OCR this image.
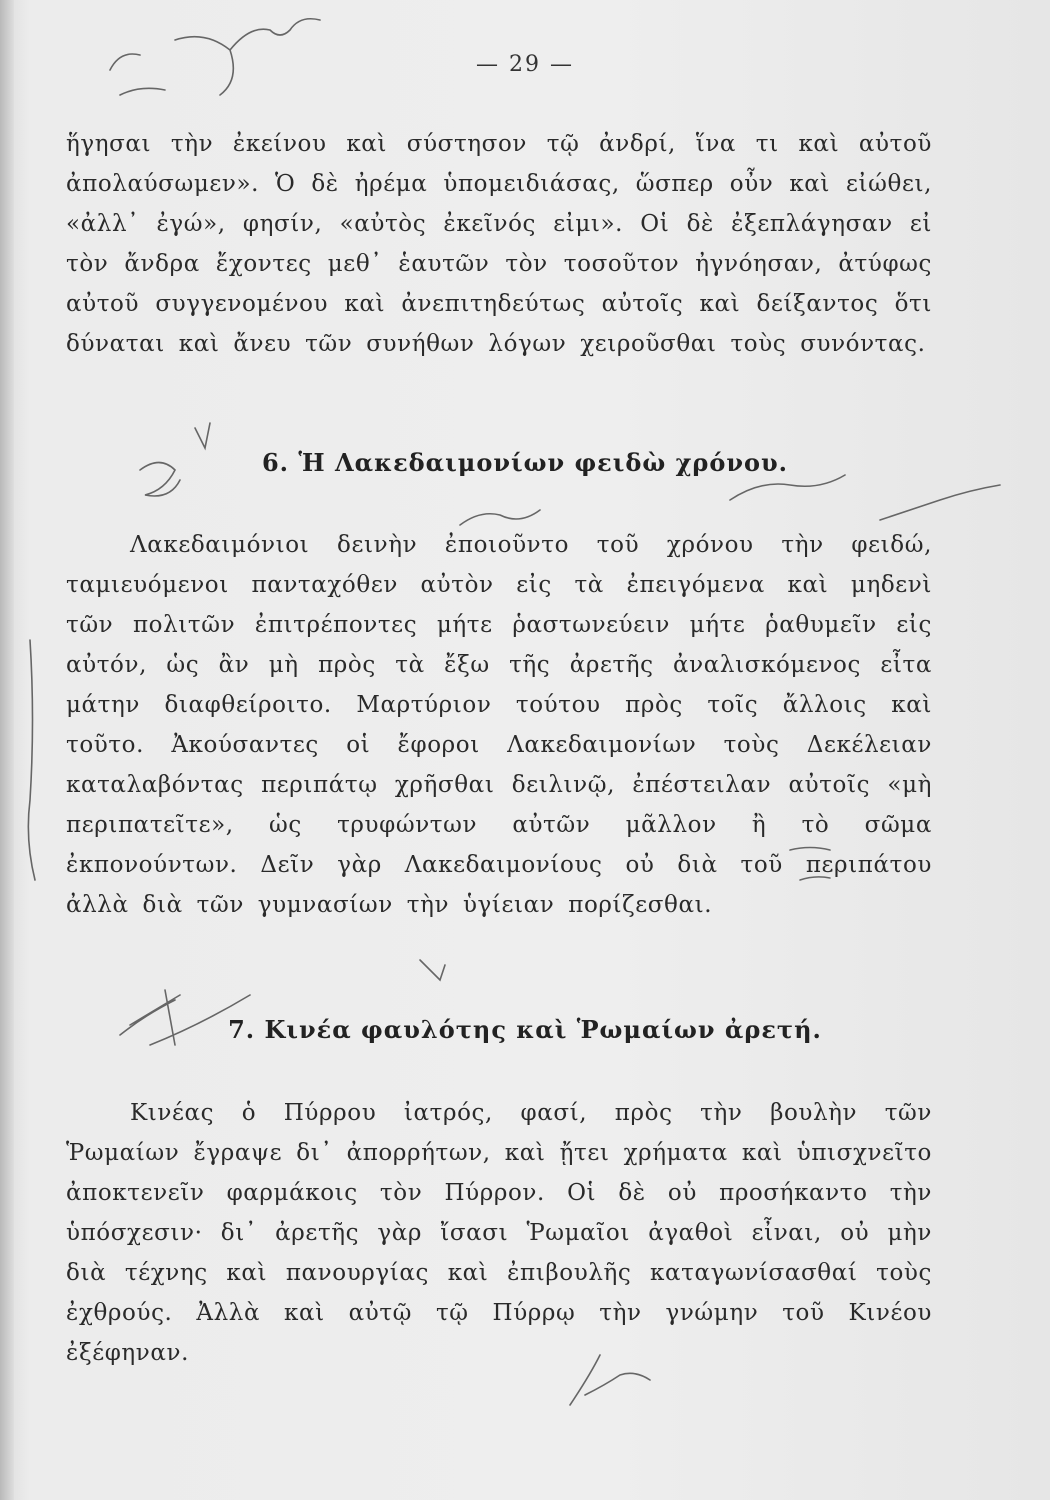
— 29 —

ἥγησαι τὴν ἐκείνου καὶ σύστησον τῷ ἀνδρί, ἵνα τι καὶ αὐτοῦ ἀπολαύσωμεν». Ὁ δὲ ἠρέμα ὑπομειδιάσας, ὥσπερ οὖν καὶ εἰώθει, «ἀλλ᾽ ἐγώ», φησίν, «αὐτὸς ἐκεῖνός εἰμι». Οἱ δὲ ἐξεπλάγησαν εἰ τὸν ἄνδρα ἔχοντες μεθ᾽ ἑαυτῶν τὸν τοσοῦτον ἠγνόησαν, ἀτύφως αὐτοῦ συγγενομένου καὶ ἀνεπιτηδεύτως αὐτοῖς καὶ δείξαντος ὅτι δύναται καὶ ἄνευ τῶν συνήθων λόγων χειροῦσθαι τοὺς συνόντας.

6. Ἡ Λακεδαιμονίων φειδὼ χρόνου.

Λακεδαιμόνιοι δεινὴν ἐποιοῦντο τοῦ χρόνου τὴν φειδώ, ταμιευόμενοι πανταχόθεν αὐτὸν εἰς τὰ ἐπειγόμενα καὶ μηδενὶ τῶν πολιτῶν ἐπιτρέποντες μήτε ῥαστωνεύειν μήτε ῥαθυμεῖν εἰς αὐτόν, ὡς ἂν μὴ πρὸς τὰ ἔξω τῆς ἀρετῆς ἀναλισκόμενος εἶτα μάτην διαφθείροιτο. Μαρτύριον τούτου πρὸς τοῖς ἄλλοις καὶ τοῦτο. Ἀκούσαντες οἱ ἔφοροι Λακεδαιμονίων τοὺς Δεκέλειαν καταλαβόντας περιπάτῳ χρῆσθαι δειλινῷ, ἐπέστειλαν αὐτοῖς «μὴ περιπατεῖτε», ὡς τρυφώντων αὐτῶν μᾶλλον ἢ τὸ σῶμα ἐκπονούντων. Δεῖν γὰρ Λακεδαιμονίους οὐ διὰ τοῦ περιπάτου ἀλλὰ διὰ τῶν γυμνασίων τὴν ὑγίειαν πορίζεσθαι.

7. Κινέα φαυλότης καὶ Ῥωμαίων ἀρετή.

Κινέας ὁ Πύρρου ἰατρός, φασί, πρὸς τὴν βουλὴν τῶν Ῥωμαίων ἔγραψε δι᾽ ἀπορρήτων, καὶ ᾔτει χρήματα καὶ ὑπισχνεῖτο ἀποκτενεῖν φαρμάκοις τὸν Πύρρον. Οἱ δὲ οὐ προσήκαντο τὴν ὑπόσχεσιν· δι᾽ ἀρετῆς γὰρ ἴσασι Ῥωμαῖοι ἀγαθοὶ εἶναι, οὐ μὴν διὰ τέχνης καὶ πανουργίας καὶ ἐπιβουλῆς καταγωνίσασθαί τοὺς ἐχθρούς. Ἀλλὰ καὶ αὐτῷ τῷ Πύρρῳ τὴν γνώμην τοῦ Κινέου ἐξέφηναν.
